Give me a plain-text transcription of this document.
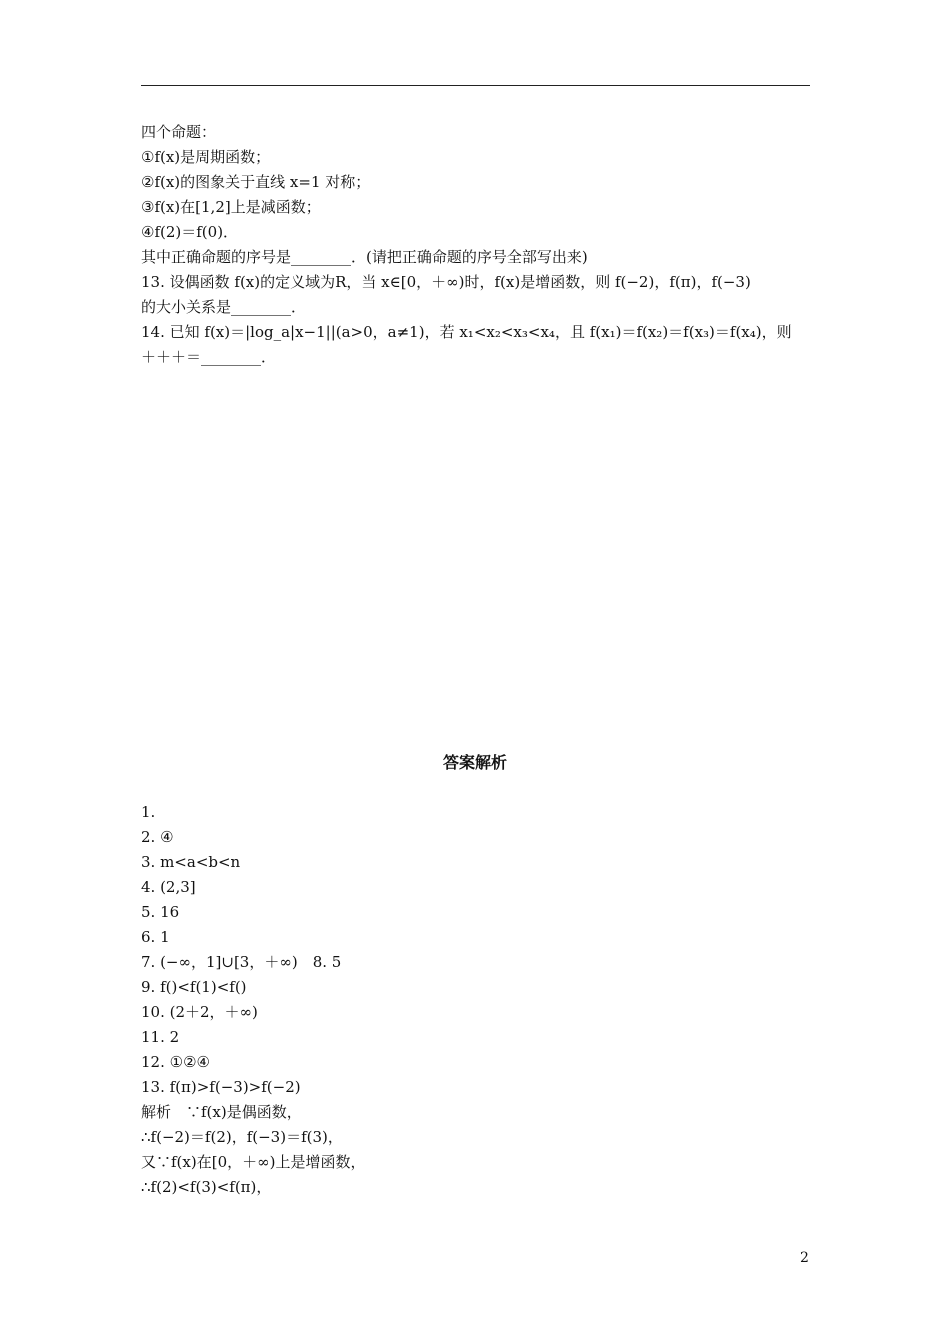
四个命题：
①f(x)是周期函数；
②f(x)的图象关于直线 x=1 对称；
③f(x)在[1,2]上是减函数；
④f(2)＝f(0)．
其中正确命题的序号是________．(请把正确命题的序号全部写出来)
13. 设偶函数 f(x)的定义域为R，当 x∈[0，＋∞)时，f(x)是增函数，则 f(−2)，f(π)，f(−3)
的大小关系是________．
14. 已知 f(x)＝|log_a|x−1||(a>0，a≠1)，若 x₁<x₂<x₃<x₄，且 f(x₁)＝f(x₂)＝f(x₃)＝f(x₄)，则
＋＋＋＝________．
答案解析
1.
2. ④
3. m<a<b<n
4. (2,3]
5. 16
6. 1
7. (−∞，1]∪[3，＋∞)　8. 5
9. f()<f(1)<f()
10. (2＋2，＋∞)
11. 2
12. ①②④
13. f(π)>f(−3)>f(−2)
解析　∵f(x)是偶函数，
∴f(−2)＝f(2)，f(−3)＝f(3)，
又∵f(x)在[0，＋∞)上是增函数，
∴f(2)<f(3)<f(π)，
2
